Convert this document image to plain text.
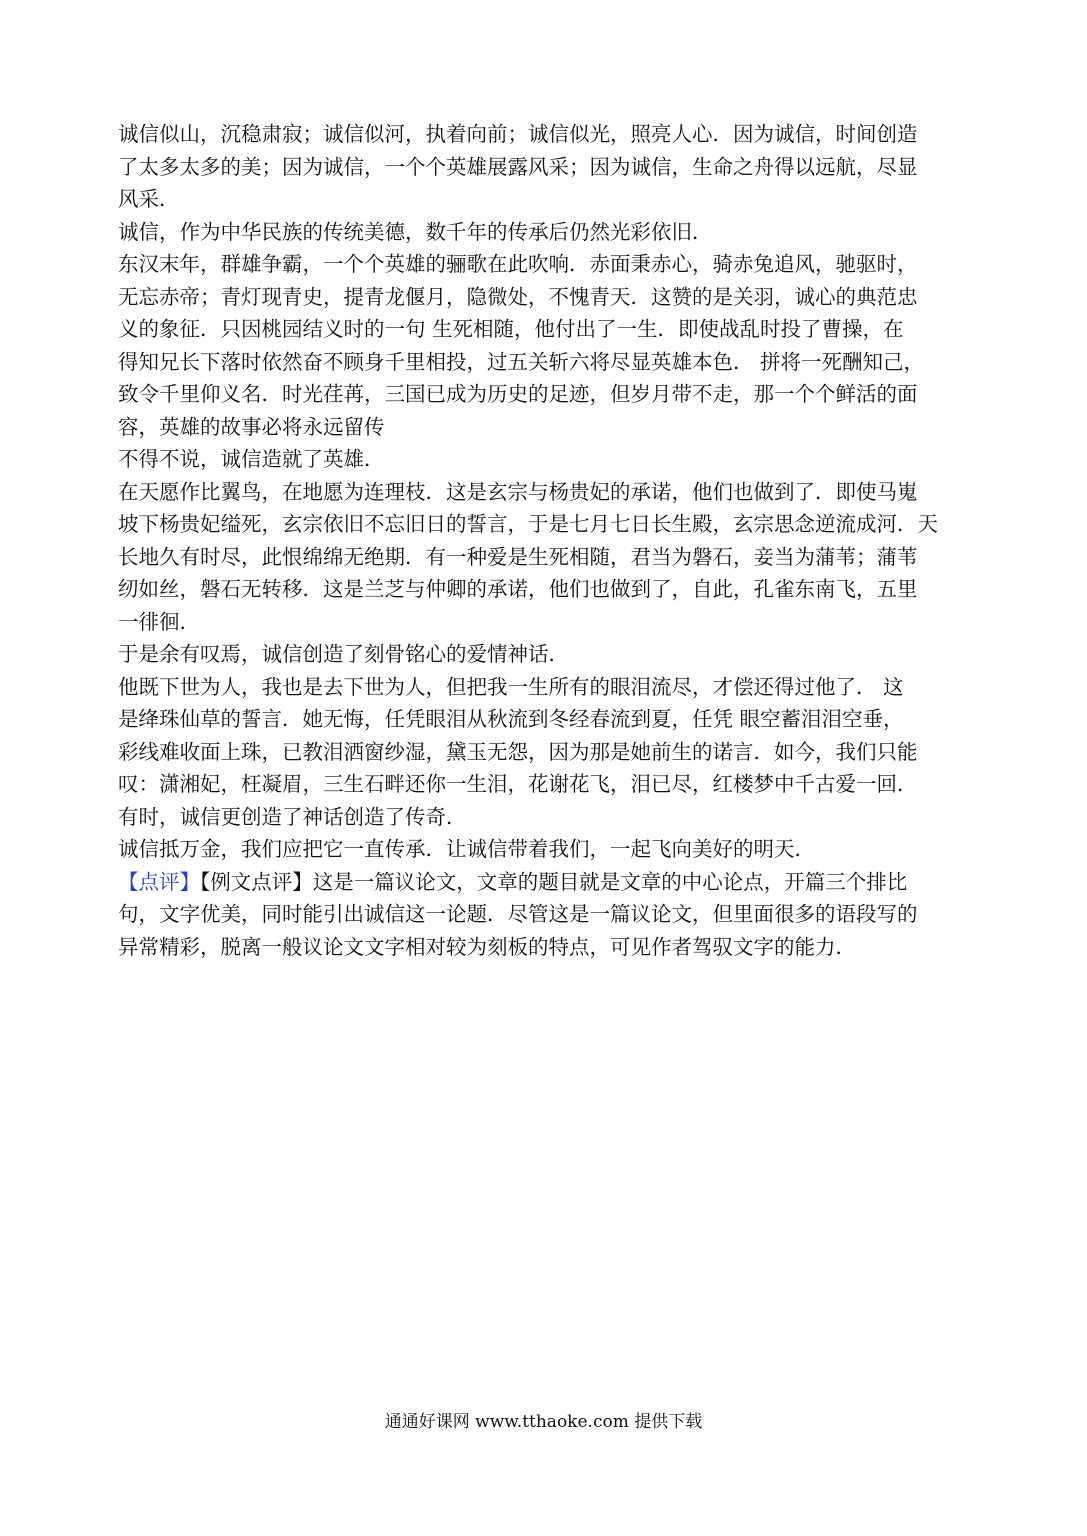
诚信似山，沉稳肃寂；诚信似河，执着向前；诚信似光，照亮人心．因为诚信，时间创造
了太多太多的美；因为诚信，一个个英雄展露风采；因为诚信，生命之舟得以远航，尽显
风采．
诚信，作为中华民族的传统美德，数千年的传承后仍然光彩依旧．
东汉末年，群雄争霸，一个个英雄的骊歌在此吹响．赤面秉赤心，骑赤兔追风，驰驱时，
无忘赤帝；青灯现青史，提青龙偃月，隐微处，不愧青天．这赞的是关羽，诚心的典范忠
义的象征．只因桃园结义时的一句 生死相随，他付出了一生．即使战乱时投了曹操，在
得知兄长下落时依然奋不顾身千里相投，过五关斩六将尽显英雄本色． 拼将一死酬知己，
致令千里仰义名．时光荏苒，三国已成为历史的足迹，但岁月带不走，那一个个鲜活的面
容，英雄的故事必将永远留传
不得不说，诚信造就了英雄．
在天愿作比翼鸟，在地愿为连理枝．这是玄宗与杨贵妃的承诺，他们也做到了．即使马嵬
坡下杨贵妃缢死，玄宗依旧不忘旧日的誓言，于是七月七日长生殿，玄宗思念逆流成河．天
长地久有时尽，此恨绵绵无绝期．有一种爱是生死相随，君当为磐石，妾当为蒲苇；蒲苇
纫如丝，磐石无转移．这是兰芝与仲卿的承诺，他们也做到了，自此，孔雀东南飞，五里
一徘徊．
于是余有叹焉，诚信创造了刻骨铭心的爱情神话．
他既下世为人，我也是去下世为人，但把我一生所有的眼泪流尽，才偿还得过他了． 这
是绛珠仙草的誓言．她无悔，任凭眼泪从秋流到冬经春流到夏，任凭 眼空蓄泪泪空垂，
彩线难收面上珠，已教泪洒窗纱湿，黛玉无怨，因为那是她前生的诺言．如今，我们只能
叹：潇湘妃，枉凝眉，三生石畔还你一生泪，花谢花飞，泪已尽，红楼梦中千古爱一回．
有时，诚信更创造了神话创造了传奇．
诚信抵万金，我们应把它一直传承．让诚信带着我们，一起飞向美好的明天．
【点评】【例文点评】这是一篇议论文，文章的题目就是文章的中心论点，开篇三个排比
句，文字优美，同时能引出诚信这一论题．尽管这是一篇议论文，但里面很多的语段写的
异常精彩，脱离一般议论文文字相对较为刻板的特点，可见作者驾驭文字的能力．
通通好课网 www.tthaoke.com 提供下载
